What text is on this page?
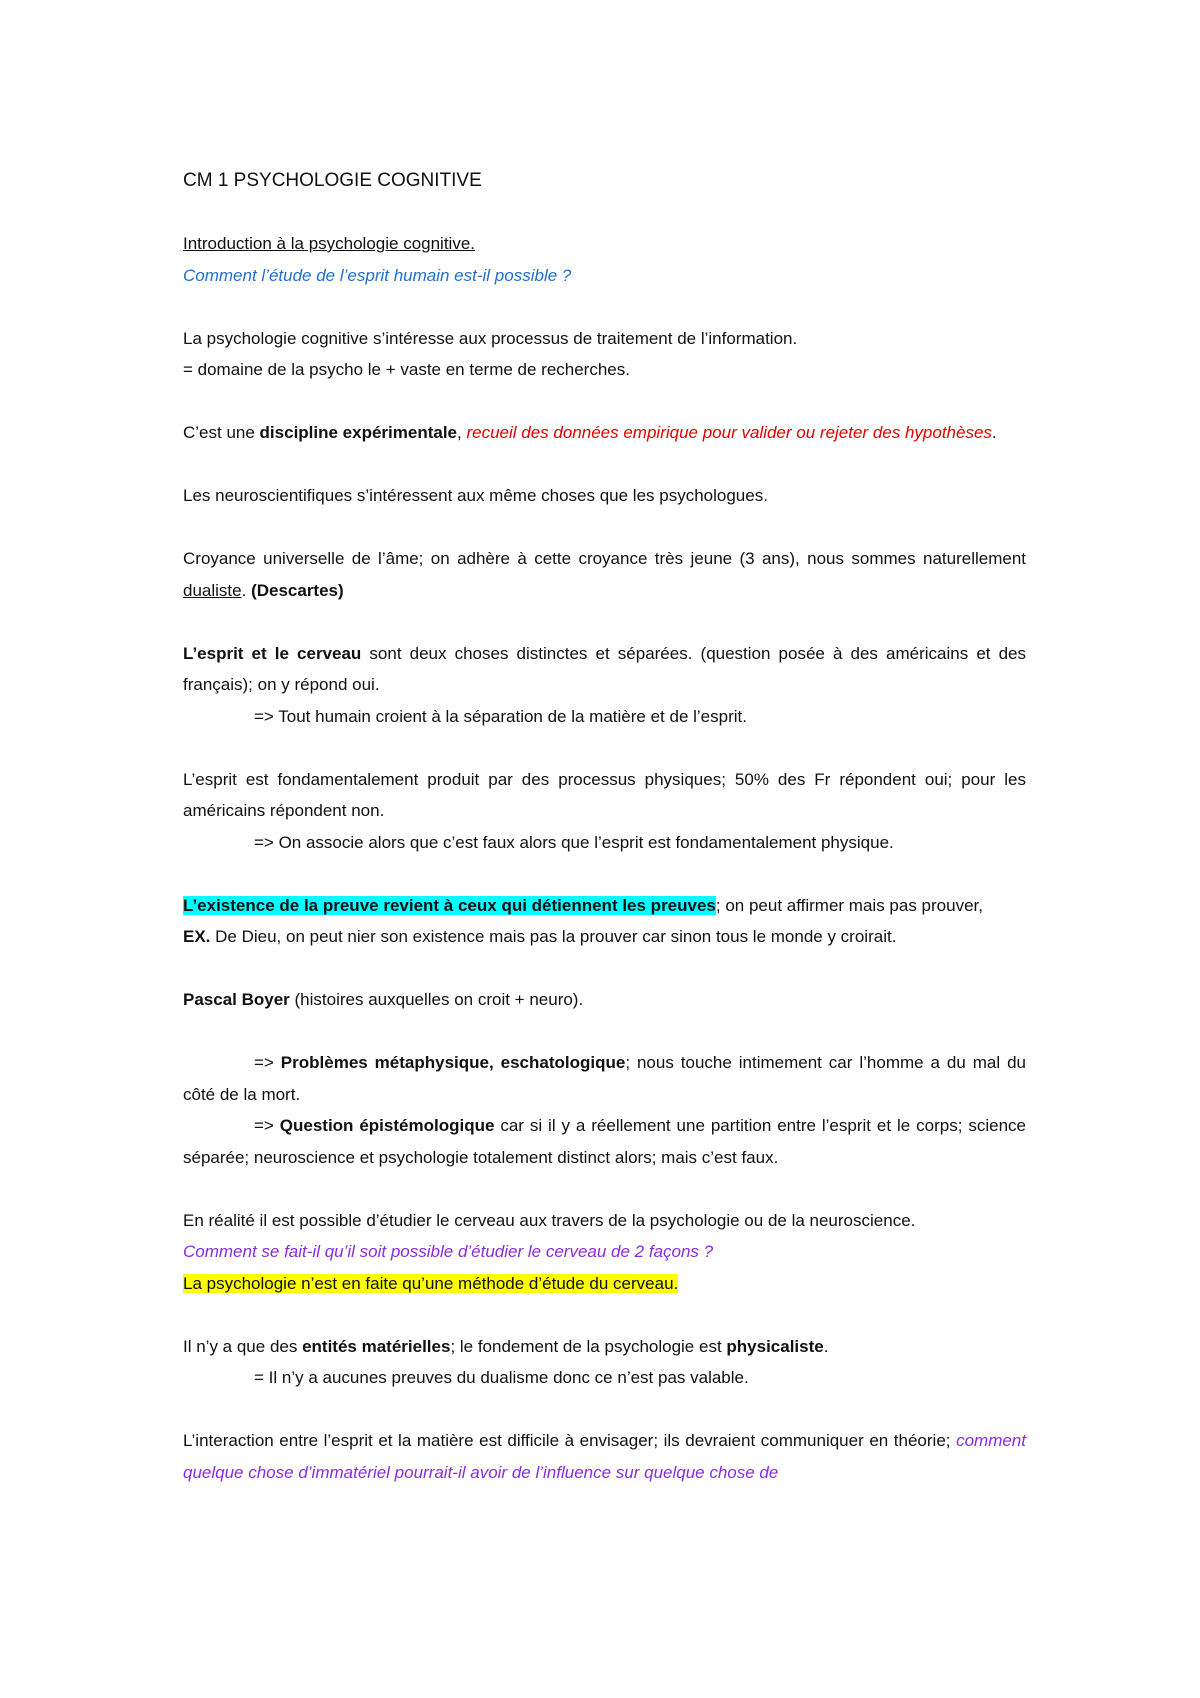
CM 1 PSYCHOLOGIE COGNITIVE

Introduction à la psychologie cognitive.

Comment l’étude de l’esprit humain est-il possible ?

La psychologie cognitive s’intéresse aux processus de traitement de l’information.

= domaine de la psycho le + vaste en terme de recherches.

C’est une discipline expérimentale, recueil des données empirique pour valider ou rejeter des hypothèses.

Les neuroscientifiques s’intéressent aux même choses que les psychologues.

Croyance universelle de l’âme; on adhère à cette croyance très jeune (3 ans), nous sommes naturellement dualiste. (Descartes)

L’esprit et le cerveau sont deux choses distinctes et séparées. (question posée à des américains et des français); on y répond oui.

=> Tout humain croient à la séparation de la matière et de l’esprit.

L’esprit est fondamentalement produit par des processus physiques; 50% des Fr répondent oui; pour les américains répondent non.

=> On associe alors que c’est faux alors que l’esprit est fondamentalement physique.

L’existence de la preuve revient à ceux qui détiennent les preuves; on peut affirmer mais pas prouver,

EX. De Dieu, on peut nier son existence mais pas la prouver car sinon tous le monde y croirait.

Pascal Boyer (histoires auxquelles on croit + neuro).

=> Problèmes métaphysique, eschatologique; nous touche intimement car l’homme a du mal du côté de la mort.

=> Question épistémologique car si il y a réellement une partition entre l’esprit et le corps; science séparée; neuroscience et psychologie totalement distinct alors; mais c’est faux.

En réalité il est possible d’étudier le cerveau aux travers de la psychologie ou de la neuroscience.

Comment se fait-il qu’il soit possible d’étudier le cerveau de 2 façons ?

La psychologie n’est en faite qu’une méthode d’étude du cerveau.

Il n’y a que des entités matérielles; le fondement de la psychologie est physicaliste.

= Il n’y a aucunes preuves du dualisme donc ce n’est pas valable.

L’interaction entre l’esprit et la matière est difficile à envisager; ils devraient communiquer en théorie; comment quelque chose d’immatériel pourrait-il avoir de l’influence sur quelque chose de
